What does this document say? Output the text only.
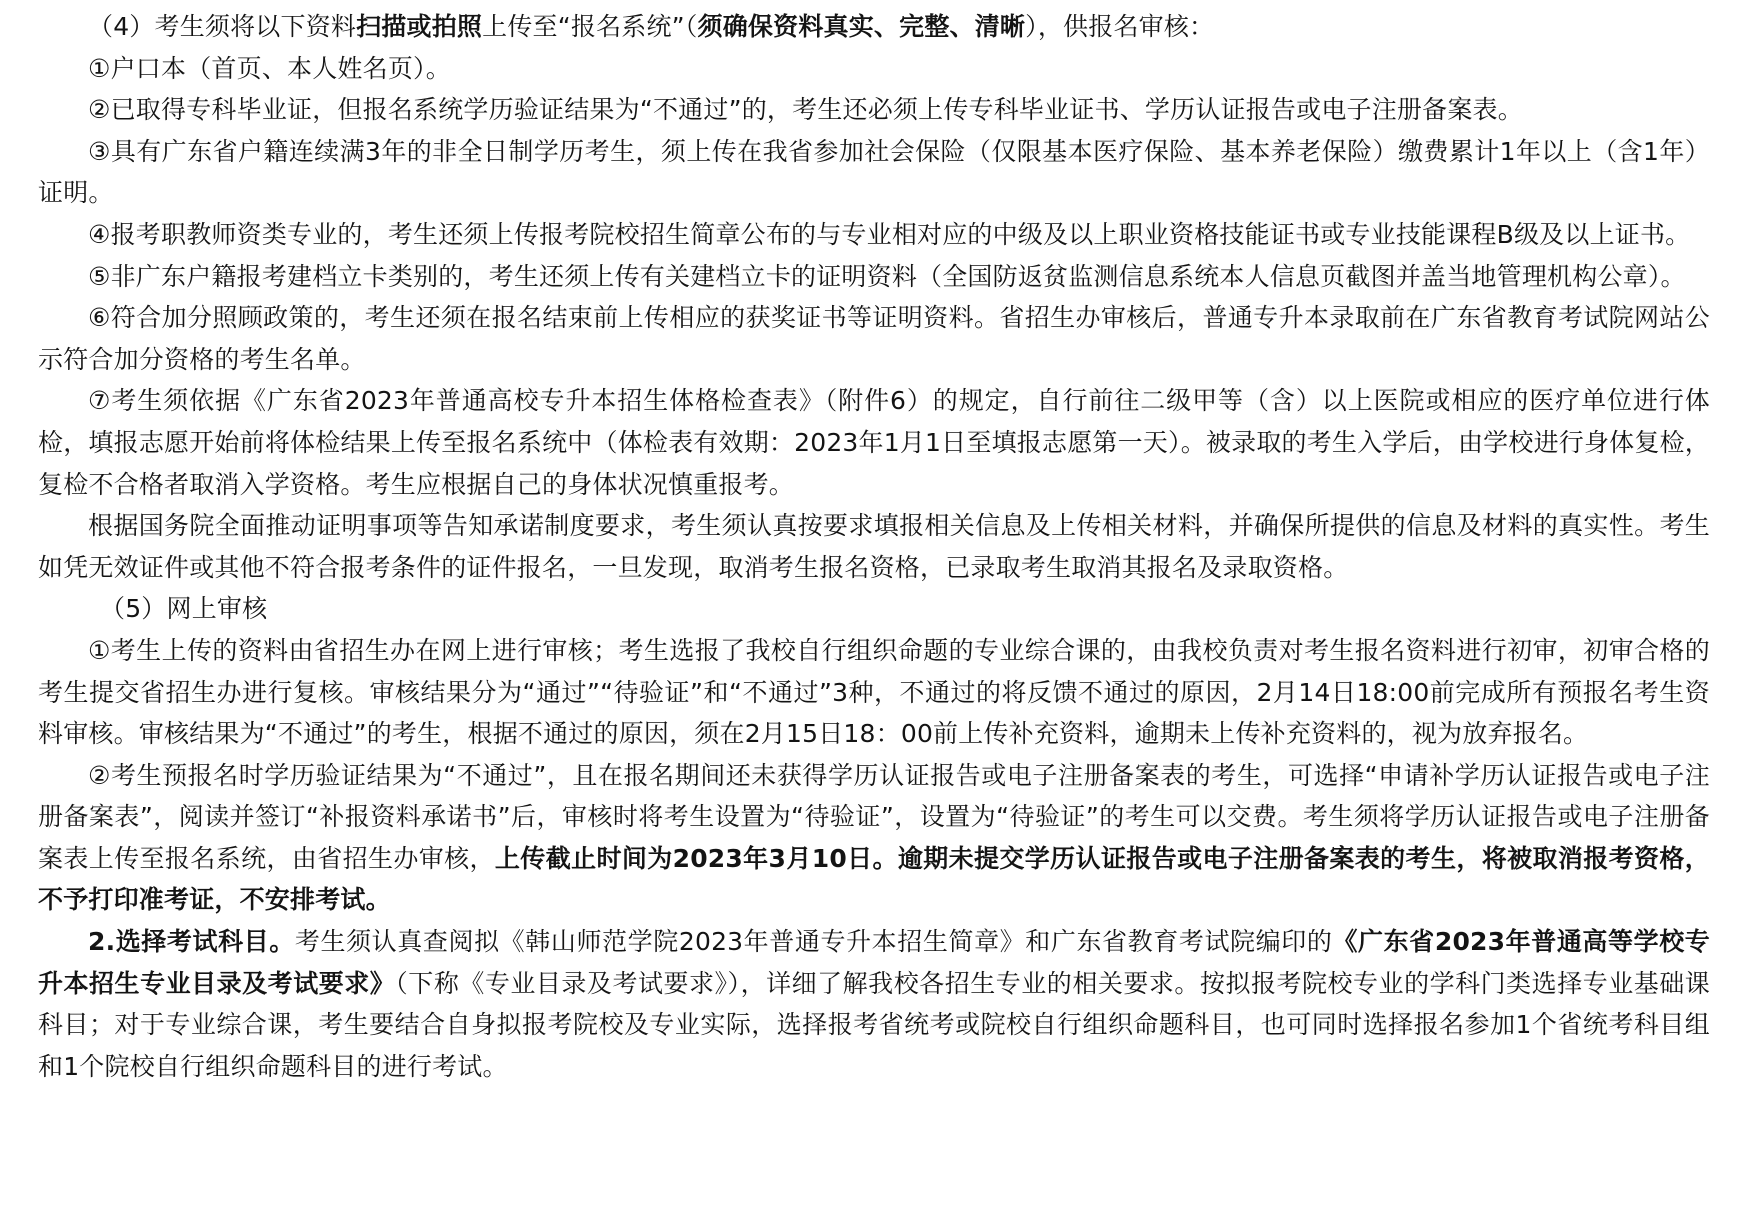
（4）考生须将以下资料扫描或拍照上传至“报名系统”（须确保资料真实、完整、清晰），供报名审核：

①户口本（首页、本人姓名页）。

②已取得专科毕业证，但报名系统学历验证结果为“不通过”的，考生还必须上传专科毕业证书、学历认证报告或电子注册备案表。

③具有广东省户籍连续满3年的非全日制学历考生，须上传在我省参加社会保险（仅限基本医疗保险、基本养老保险）缴费累计1年以上（含1年）证明。

④报考职教师资类专业的，考生还须上传报考院校招生简章公布的与专业相对应的中级及以上职业资格技能证书或专业技能课程B级及以上证书。

⑤非广东户籍报考建档立卡类别的，考生还须上传有关建档立卡的证明资料（全国防返贫监测信息系统本人信息页截图并盖当地管理机构公章）。

⑥符合加分照顾政策的，考生还须在报名结束前上传相应的获奖证书等证明资料。省招生办审核后，普通专升本录取前在广东省教育考试院网站公示符合加分资格的考生名单。

⑦考生须依据《广东省2023年普通高校专升本招生体格检查表》（附件6）的规定，自行前往二级甲等（含）以上医院或相应的医疗单位进行体检，填报志愿开始前将体检结果上传至报名系统中（体检表有效期：2023年1月1日至填报志愿第一天）。被录取的考生入学后，由学校进行身体复检，复检不合格者取消入学资格。考生应根据自己的身体状况慎重报考。

根据国务院全面推动证明事项等告知承诺制度要求，考生须认真按要求填报相关信息及上传相关材料，并确保所提供的信息及材料的真实性。考生如凭无效证件或其他不符合报考条件的证件报名，一旦发现，取消考生报名资格，已录取考生取消其报名及录取资格。

（5）网上审核

①考生上传的资料由省招生办在网上进行审核；考生选报了我校自行组织命题的专业综合课的，由我校负责对考生报名资料进行初审，初审合格的考生提交省招生办进行复核。审核结果分为“通过”“待验证”和“不通过”3种，不通过的将反馈不通过的原因，2月14日18:00前完成所有预报名考生资料审核。审核结果为“不通过”的考生，根据不通过的原因，须在2月15日18：00前上传补充资料，逾期未上传补充资料的，视为放弃报名。

②考生预报名时学历验证结果为“不通过”，且在报名期间还未获得学历认证报告或电子注册备案表的考生，可选择“申请补学历认证报告或电子注册备案表”，阅读并签订“补报资料承诺书”后，审核时将考生设置为“待验证”，设置为“待验证”的考生可以交费。考生须将学历认证报告或电子注册备案表上传至报名系统，由省招生办审核，上传截止时间为2023年3月10日。逾期未提交学历认证报告或电子注册备案表的考生，将被取消报考资格，不予打印准考证，不安排考试。

2.选择考试科目。考生须认真查阅拟《韩山师范学院2023年普通专升本招生简章》和广东省教育考试院编印的《广东省2023年普通高等学校专升本招生专业目录及考试要求》（下称《专业目录及考试要求》），详细了解我校各招生专业的相关要求。按拟报考院校专业的学科门类选择专业基础课科目；对于专业综合课，考生要结合自身拟报考院校及专业实际，选择报考省统考或院校自行组织命题科目，也可同时选择报名参加1个省统考科目组和1个院校自行组织命题科目的进行考试。
